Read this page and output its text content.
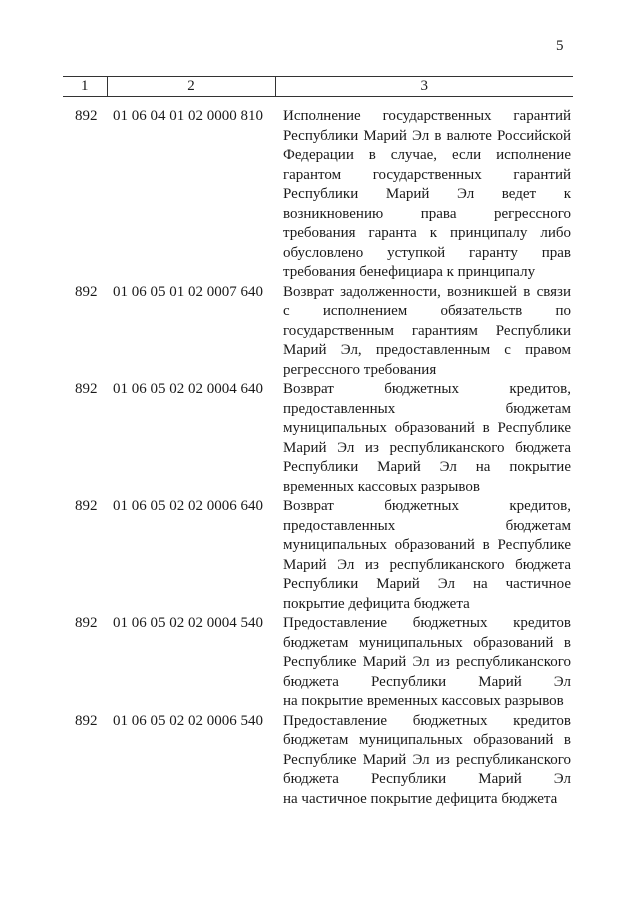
5
1	2	3
892 01 06 04 01 02 0000 810 Исполнение государственных гарантий
Республики Марий Эл в валюте Российской
Федерации в случае, если исполнение
гарантом государственных гарантий
Республики Марий Эл ведет к
возникновению права регрессного
требования гаранта к принципалу либо
обусловлено уступкой гаранту прав
требования бенефициара к принципалу
892 01 06 05 01 02 0007 640 Возврат задолженности, возникшей в связи
с исполнением обязательств по
государственным гарантиям Республики
Марий Эл, предоставленным с правом
регрессного требования
892 01 06 05 02 02 0004 640 Возврат бюджетных кредитов,
предоставленных бюджетам
муниципальных образований в Республике
Марий Эл из республиканского бюджета
Республики Марий Эл на покрытие
временных кассовых разрывов
892 01 06 05 02 02 0006 640 Возврат бюджетных кредитов,
предоставленных бюджетам
муниципальных образований в Республике
Марий Эл из республиканского бюджета
Республики Марий Эл на частичное
покрытие дефицита бюджета
892 01 06 05 02 02 0004 540 Предоставление бюджетных кредитов
бюджетам муниципальных образований в
Республике Марий Эл из республиканского
бюджета Республики Марий Эл
на покрытие временных кассовых разрывов
892 01 06 05 02 02 0006 540 Предоставление бюджетных кредитов
бюджетам муниципальных образований в
Республике Марий Эл из республиканского
бюджета Республики Марий Эл
на частичное покрытие дефицита бюджета
